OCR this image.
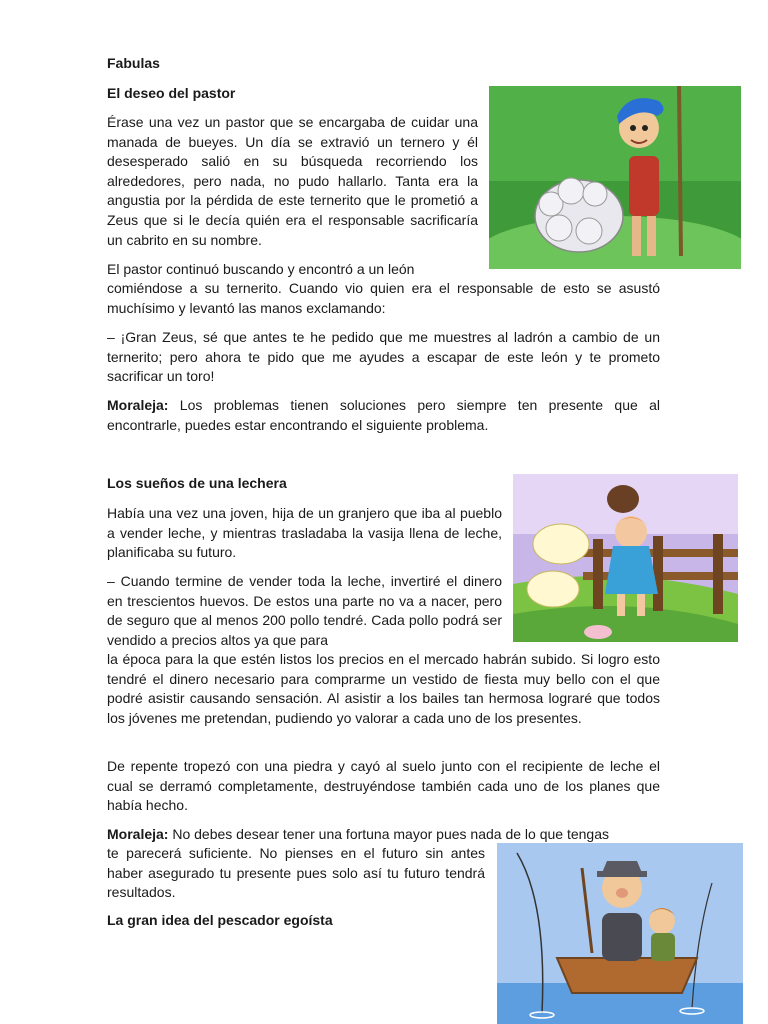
Fabulas

El deseo del pastor

Érase una vez un pastor que se encargaba de cuidar una manada de bueyes. Un día se extravió un ternero y él desesperado salió en su búsqueda recorriendo los alrededores, pero nada, no pudo hallarlo. Tanta era la angustia por la pérdida de este ternerito que le prometió a Zeus que si le decía quién era el responsable sacrificaría un cabrito en su nombre.

El pastor continuó buscando y encontró a un león

comiéndose a su ternerito. Cuando vio quien era el responsable de esto se asustó muchísimo y levantó las manos exclamando:

– ¡Gran Zeus, sé que antes te he pedido que me muestres al ladrón a cambio de un ternerito; pero ahora te pido que me ayudes a escapar de este león y te prometo sacrificar un toro!

Moraleja: Los problemas tienen soluciones pero siempre ten presente que al encontrarle, puedes estar encontrando el siguiente problema.

Los sueños de una lechera

Había una vez una joven, hija de un granjero que iba al pueblo a vender leche, y mientras trasladaba la vasija llena de leche, planificaba su futuro.

– Cuando termine de vender toda la leche, invertiré el dinero en trescientos huevos. De estos una parte no va a nacer, pero de seguro que al menos 200 pollo tendré. Cada pollo podrá ser vendido a precios altos ya que para

la época para la que estén listos los precios en el mercado habrán subido. Si logro esto tendré el dinero necesario para comprarme un vestido de fiesta muy bello con el que podré asistir causando sensación. Al asistir a los bailes tan hermosa lograré que todos los jóvenes me pretendan, pudiendo yo valorar a cada uno de los presentes.

De repente tropezó con una piedra y cayó al suelo junto con el recipiente de leche el cual se derramó completamente, destruyéndose también cada uno de los planes que había hecho.

Moraleja: No debes desear tener una fortuna mayor pues nada de lo que tengas

te parecerá suficiente. No pienses en el futuro sin antes haber asegurado tu presente pues solo así tu futuro tendrá resultados.

La gran idea del pescador egoísta
